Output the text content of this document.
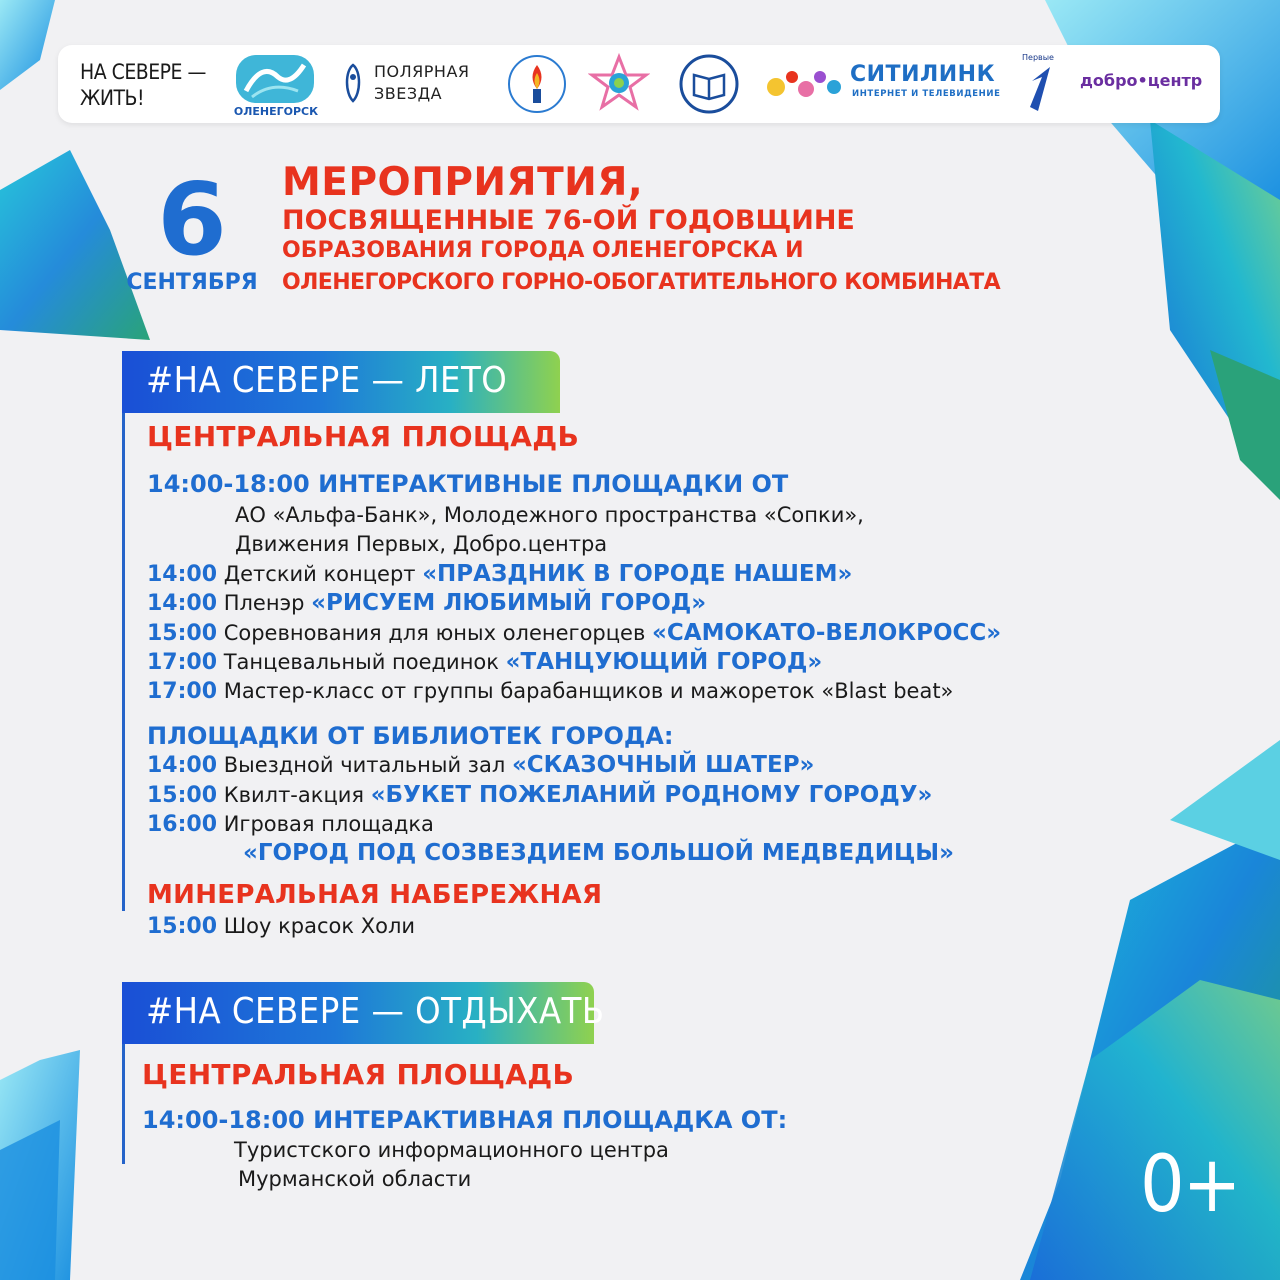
НА СЕВЕРЕ —
ЖИТЬ!
ОЛЕНЕГОРСК
ПОЛЯРНАЯ
ЗВЕЗДА
СИТИЛИНК
ИНТЕРНЕТ И ТЕЛЕВИДЕНИЕ
Первые
добро•центр
6
СЕНТЯБРЯ
МЕРОПРИЯТИЯ,
ПОСВЯЩЕННЫЕ 76-ОЙ ГОДОВЩИНЕ
ОБРАЗОВАНИЯ ГОРОДА ОЛЕНЕГОРСКА И
ОЛЕНЕГОРСКОГО ГОРНО-ОБОГАТИТЕЛЬНОГО КОМБИНАТА
#НА СЕВЕРЕ — ЛЕТО
ЦЕНТРАЛЬНАЯ ПЛОЩАДЬ
14:00-18:00 ИНТЕРАКТИВНЫЕ ПЛОЩАДКИ ОТ
АО «Альфа-Банк», Молодежного пространства «Сопки»,
Движения Первых, Добро.центра
14:00 Детский концерт «ПРАЗДНИК В ГОРОДЕ НАШЕМ»
14:00 Пленэр «РИСУЕМ ЛЮБИМЫЙ ГОРОД»
15:00 Соревнования для юных оленегорцев «САМОКАТО-ВЕЛОКРОСС»
17:00 Танцевальный поединок «ТАНЦУЮЩИЙ ГОРОД»
17:00 Мастер-класс от группы барабанщиков и мажореток «Blast beat»
ПЛОЩАДКИ ОТ БИБЛИОТЕК ГОРОДА:
14:00 Выездной читальный зал «СКАЗОЧНЫЙ ШАТЕР»
15:00 Квилт-акция «БУКЕТ ПОЖЕЛАНИЙ РОДНОМУ ГОРОДУ»
16:00 Игровая площадка
«ГОРОД ПОД СОЗВЕЗДИЕМ БОЛЬШОЙ МЕДВЕДИЦЫ»
МИНЕРАЛЬНАЯ НАБЕРЕЖНАЯ
15:00 Шоу красок Холи
#НА СЕВЕРЕ — ОТДЫХАТЬ
ЦЕНТРАЛЬНАЯ ПЛОЩАДЬ
14:00-18:00 ИНТЕРАКТИВНАЯ ПЛОЩАДКА ОТ:
Туристского информационного центра
Мурманской области	0+
